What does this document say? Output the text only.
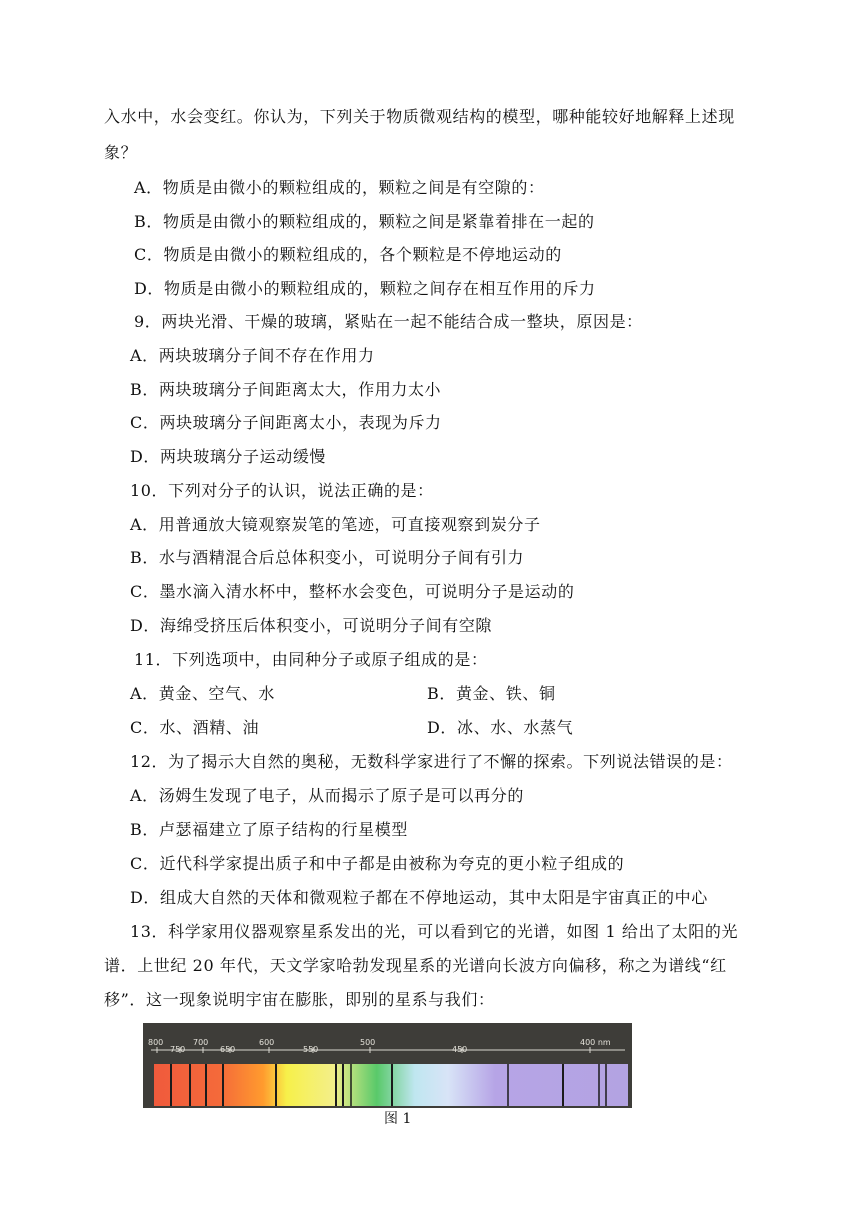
入水中，水会变红。你认为，下列关于物质微观结构的模型，哪种能较好地解释上述现
象？
A．物质是由微小的颗粒组成的，颗粒之间是有空隙的：
B．物质是由微小的颗粒组成的，颗粒之间是紧靠着排在一起的
C．物质是由微小的颗粒组成的，各个颗粒是不停地运动的
D．物质是由微小的颗粒组成的，颗粒之间存在相互作用的斥力
9．两块光滑、干燥的玻璃，紧贴在一起不能结合成一整块，原因是：
A．两块玻璃分子间不存在作用力
B．两块玻璃分子间距离太大，作用力太小
C．两块玻璃分子间距离太小，表现为斥力
D．两块玻璃分子运动缓慢
10．下列对分子的认识，说法正确的是：
A．用普通放大镜观察炭笔的笔迹，可直接观察到炭分子
B．水与酒精混合后总体积变小，可说明分子间有引力
C．墨水滴入清水杯中，整杯水会变色，可说明分子是运动的
D．海绵受挤压后体积变小，可说明分子间有空隙
11．下列选项中，由同种分子或原子组成的是：
A．黄金、空气、水	B．黄金、铁、铜
C．水、酒精、油	D．冰、水、水蒸气
12．为了揭示大自然的奥秘，无数科学家进行了不懈的探索。下列说法错误的是：
A．汤姆生发现了电子，从而揭示了原子是可以再分的
B．卢瑟福建立了原子结构的行星模型
C．近代科学家提出质子和中子都是由被称为夸克的更小粒子组成的
D．组成大自然的天体和微观粒子都在不停地运动，其中太阳是宇宙真正的中心
13．科学家用仪器观察星系发出的光，可以看到它的光谱，如图 1 给出了太阳的光
谱．上世纪 20 年代，天文学家哈勃发现星系的光谱向长波方向偏移，称之为谱线“红
移”．这一现象说明宇宙在膨胀，即别的星系与我们：
800
750
700
650
600
550
500
450
400 nm
图 1
